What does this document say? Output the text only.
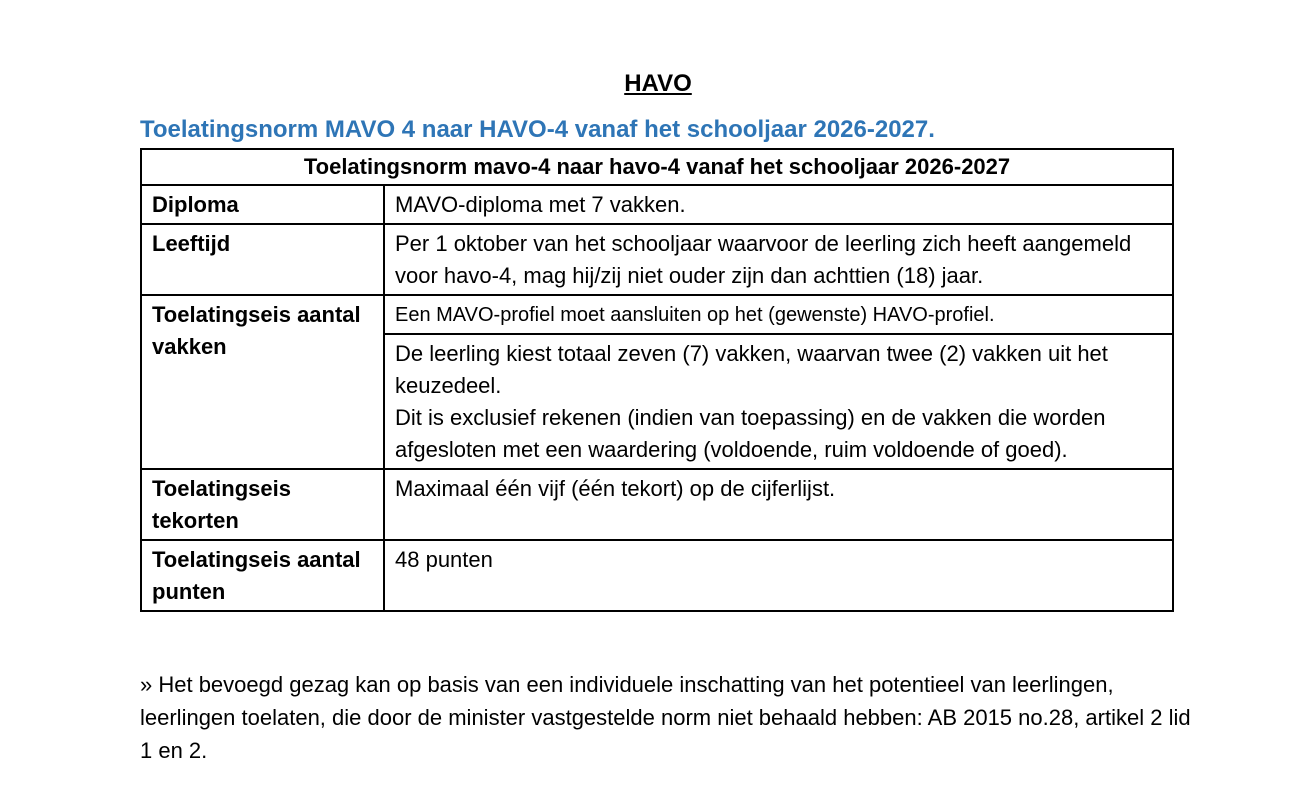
HAVO
Toelatingsnorm MAVO 4 naar HAVO-4 vanaf het schooljaar 2026-2027.
Toelatingsnorm mavo-4 naar havo-4 vanaf het schooljaar 2026-2027	
Diploma	MAVO-diploma met 7 vakken.
Leeftijd	Per 1 oktober van het schooljaar waarvoor de leerling zich heeft aangemeld voor havo-4, mag hij/zij niet ouder zijn dan achttien (18) jaar.
Toelatingseis aantal vakken	Een MAVO-profiel moet aansluiten op het (gewenste) HAVO-profiel.

	De leerling kiest totaal zeven (7) vakken, waarvan twee (2) vakken uit het keuzedeel.

Dit is exclusief rekenen (indien van toepassing) en de vakken die worden afgesloten met een waardering (voldoende, ruim voldoende of goed).

Toelatingseis tekorten	Maximaal één vijf (één tekort) op de cijferlijst.
Toelatingseis aantal punten	48 punten
» Het bevoegd gezag kan op basis van een individuele inschatting van het potentieel van leerlingen, leerlingen toelaten, die door de minister vastgestelde norm niet behaald hebben: AB 2015 no.28, artikel 2 lid 1 en 2.
